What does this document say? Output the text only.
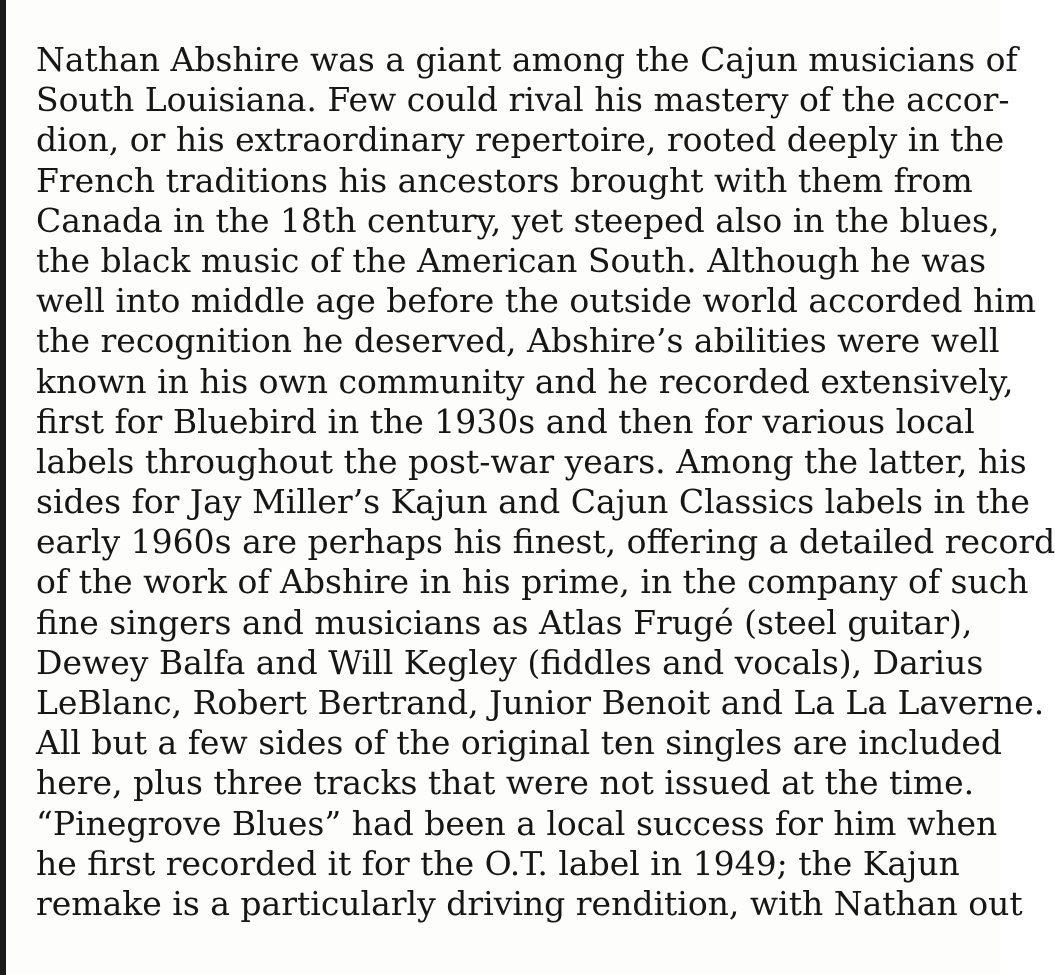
Nathan Abshire was a giant among the Cajun musicians of
South Louisiana. Few could rival his mastery of the accor-
dion, or his extraordinary repertoire, rooted deeply in the
French traditions his ancestors brought with them from
Canada in the 18th century, yet steeped also in the blues,
the black music of the American South. Although he was
well into middle age before the outside world accorded him
the recognition he deserved, Abshire’s abilities were well
known in his own community and he recorded extensively,
first for Bluebird in the 1930s and then for various local
labels throughout the post-war years. Among the latter, his
sides for Jay Miller’s Kajun and Cajun Classics labels in the
early 1960s are perhaps his finest, offering a detailed record
of the work of Abshire in his prime, in the company of such
fine singers and musicians as Atlas Frugé (steel guitar),
Dewey Balfa and Will Kegley (fiddles and vocals), Darius
LeBlanc, Robert Bertrand, Junior Benoit and La La Laverne.
All but a few sides of the original ten singles are included
here, plus three tracks that were not issued at the time.
“Pinegrove Blues” had been a local success for him when
he first recorded it for the O.T. label in 1949; the Kajun
remake is a particularly driving rendition, with Nathan out
